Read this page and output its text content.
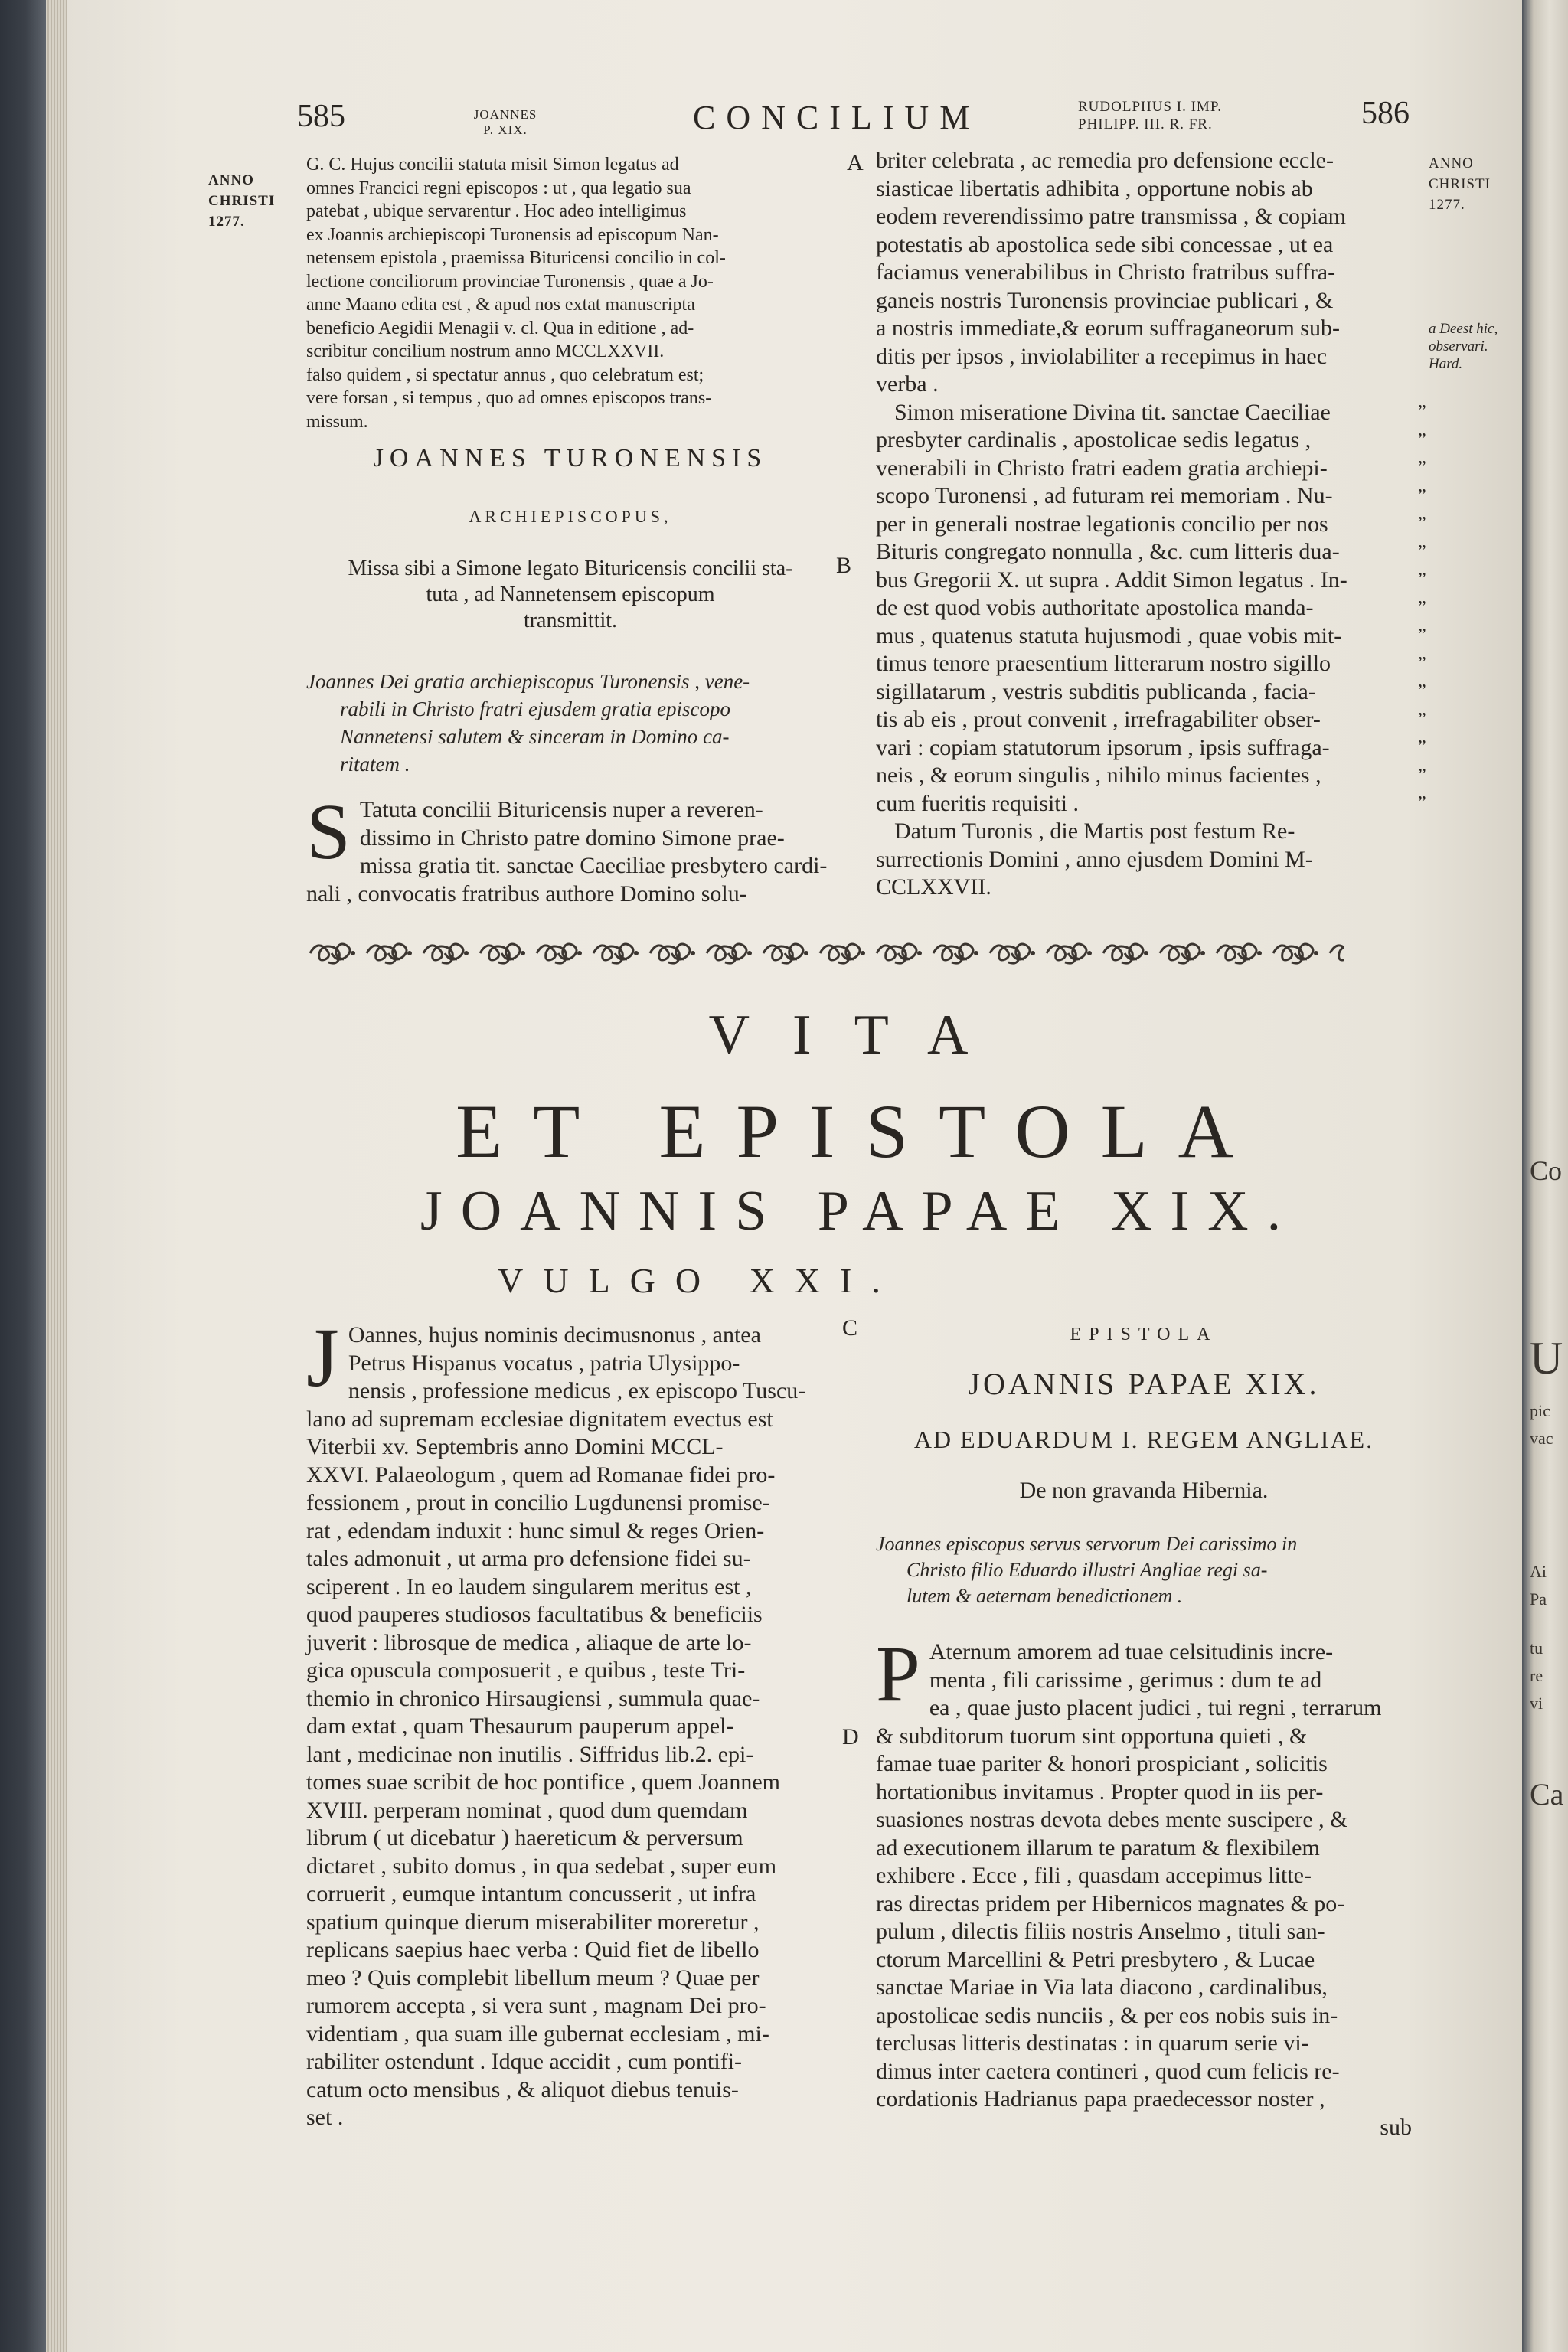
Co
U
pic
vac
Ai
Pa
tu
re
vi
Ca
585	JOANNES
P. XIX.	CONCILIUM	RUDOLPHUS I. IMP.
PHILIPP. III. R. FR.	586
ANNO
CHRISTI
1277.
ANNO
CHRISTI
1277.
a Deest hic,
observari.
Hard.
A
B
C
D
G. C. Hujus concilii statuta misit Simon legatus ad
omnes Francici regni episcopos : ut , qua legatio sua
patebat , ubique servarentur . Hoc adeo intelligimus
ex Joannis archiepiscopi Turonensis ad episcopum Nan-
netensem epistola , praemissa Bituricensi concilio in col-
lectione conciliorum provinciae Turonensis , quae a Jo-
anne Maano edita est , & apud nos extat manuscripta
beneficio Aegidii Menagii v. cl. Qua in editione , ad-
scribitur concilium nostrum anno MCCLXXVII.
falso quidem , si spectatur annus , quo celebratum est;
vere forsan , si tempus , quo ad omnes episcopos trans-
missum.
JOANNES TURONENSIS
ARCHIEPISCOPUS,
Missa sibi a Simone legato Bituricensis concilii sta-
tuta , ad Nannetensem episcopum
transmittit.
Joannes Dei gratia archiepiscopus Turonensis , vene-
rabili in Christo fratri ejusdem gratia episcopo
Nannetensi salutem & sinceram in Domino ca-
ritatem .
S Tatuta concilii Bituricensis nuper a reveren-
dissimo in Christo patre domino Simone prae-
missa gratia tit. sanctae Caeciliae presbytero cardi-
nali , convocatis fratribus authore Domino solu-
briter celebrata , ac remedia pro defensione eccle-
siasticae libertatis adhibita , opportune nobis ab
eodem reverendissimo patre transmissa , & copiam
potestatis ab apostolica sede sibi concessae , ut ea
faciamus venerabilibus in Christo fratribus suffra-
ganeis nostris Turonensis provinciae publicari , &
a nostris immediate,& eorum suffraganeorum sub-
ditis per ipsos , inviolabiliter a recepimus in haec
verba .
Simon miseratione Divina tit. sanctae Caeciliae
presbyter cardinalis , apostolicae sedis legatus ,
venerabili in Christo fratri eadem gratia archiepi-
scopo Turonensi , ad futuram rei memoriam . Nu-
per in generali nostrae legationis concilio per nos
Bituris congregato nonnulla , &c. cum litteris dua-
bus Gregorii X. ut supra . Addit Simon legatus . In-
de est quod vobis authoritate apostolica manda-
mus , quatenus statuta hujusmodi , quae vobis mit-
timus tenore praesentium litterarum nostro sigillo
sigillatarum , vestris subditis publicanda , facia-
tis ab eis , prout convenit , irrefragabiliter obser-
vari : copiam statutorum ipsorum , ipsis suffraga-
neis , & eorum singulis , nihilo minus facientes ,
cum fueritis requisiti .
Datum Turonis , die Martis post festum Re-
surrectionis Domini , anno ejusdem Domini M-
CCLXXVII.
”
”
”
”
”
”
”
”
”
”
”
”
”
”
”
VITA
ET EPISTOLA
JOANNIS PAPAE XIX.
VULGO XXI.
J Oannes, hujus nominis decimusnonus , antea
Petrus Hispanus vocatus , patria Ulysippo-
nensis , professione medicus , ex episcopo Tuscu-
lano ad supremam ecclesiae dignitatem evectus est
Viterbii xv. Septembris anno Domini MCCL-
XXVI. Palaeologum , quem ad Romanae fidei pro-
fessionem , prout in concilio Lugdunensi promise-
rat , edendam induxit : hunc simul & reges Orien-
tales admonuit , ut arma pro defensione fidei su-
sciperent . In eo laudem singularem meritus est ,
quod pauperes studiosos facultatibus & beneficiis
juverit : librosque de medica , aliaque de arte lo-
gica opuscula composuerit , e quibus , teste Tri-
themio in chronico Hirsaugiensi , summula quae-
dam extat , quam Thesaurum pauperum appel-
lant , medicinae non inutilis . Siffridus lib.2. epi-
tomes suae scribit de hoc pontifice , quem Joannem
XVIII. perperam nominat , quod dum quemdam
librum ( ut dicebatur ) haereticum & perversum
dictaret , subito domus , in qua sedebat , super eum
corruerit , eumque intantum concusserit , ut infra
spatium quinque dierum miserabiliter moreretur ,
replicans saepius haec verba : Quid fiet de libello
meo ? Quis complebit libellum meum ? Quae per
rumorem accepta , si vera sunt , magnam Dei pro-
videntiam , qua suam ille gubernat ecclesiam , mi-
rabiliter ostendunt . Idque accidit , cum pontifi-
catum octo mensibus , & aliquot diebus tenuis-
set .
EPISTOLA
JOANNIS PAPAE XIX.
AD EDUARDUM I. REGEM ANGLIAE.
De non gravanda Hibernia.
Joannes episcopus servus servorum Dei carissimo in
Christo filio Eduardo illustri Angliae regi sa-
lutem & aeternam benedictionem .
P Aternum amorem ad tuae celsitudinis incre-
menta , fili carissime , gerimus : dum te ad
ea , quae justo placent judici , tui regni , terrarum
& subditorum tuorum sint opportuna quieti , &
famae tuae pariter & honori prospiciant , solicitis
hortationibus invitamus . Propter quod in iis per-
suasiones nostras devota debes mente suscipere , &
ad executionem illarum te paratum & flexibilem
exhibere . Ecce , fili , quasdam accepimus litte-
ras directas pridem per Hibernicos magnates & po-
pulum , dilectis filiis nostris Anselmo , tituli san-
ctorum Marcellini & Petri presbytero , & Lucae
sanctae Mariae in Via lata diacono , cardinalibus,
apostolicae sedis nunciis , & per eos nobis suis in-
terclusas litteris destinatas : in quarum serie vi-
dimus inter caetera contineri , quod cum felicis re-
cordationis Hadrianus papa praedecessor noster ,
sub
